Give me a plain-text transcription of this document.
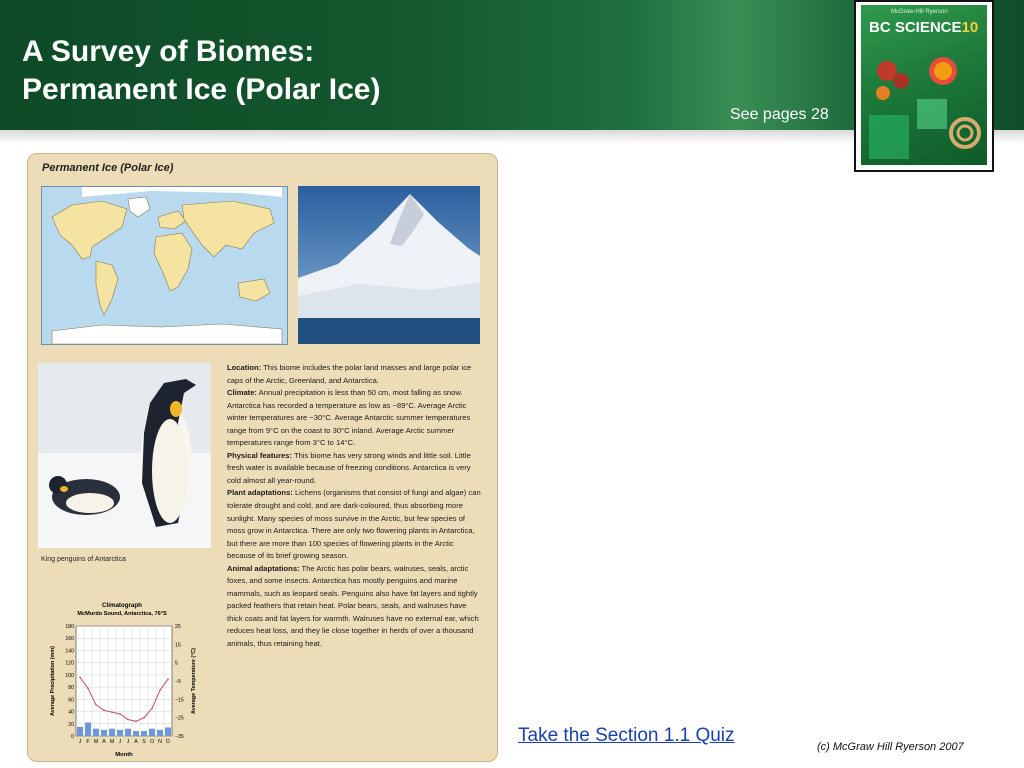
A Survey of Biomes:
Permanent Ice (Polar Ice)
See pages 28
McGraw-Hill Ryerson
BC SCIENCE10
Permanent Ice (Polar Ice)
King penguins of Antarctica
Location: This biome includes the polar land masses and large polar ice caps of the Arctic, Greenland, and Antarctica.
Climate: Annual precipitation is less than 50 cm, most falling as snow. Antarctica has recorded a temperature as low as −89°C. Average Arctic winter temperatures are −30°C. Average Antarctic summer temperatures range from 9°C on the coast to 30°C inland. Average Arctic summer temperatures range from 3°C to 14°C.
Physical features: This biome has very strong winds and little soil. Little fresh water is available because of freezing conditions. Antarctica is very cold almost all year-round.
Plant adaptations: Lichens (organisms that consist of fungi and algae) can tolerate drought and cold, and are dark-coloured, thus absorbing more sunlight. Many species of moss survive in the Arctic, but few species of moss grow in Antarctica. There are only two flowering plants in Antarctica, but there are more than 100 species of flowering plants in the Arctic because of its brief growing season.
Animal adaptations: The Arctic has polar bears, walruses, seals, arctic foxes, and some insects. Antarctica has mostly penguins and marine mammals, such as leopard seals. Penguins also have fat layers and tightly packed feathers that retain heat. Polar bears, seals, and walruses have thick coats and fat layers for warmth. Walruses have no external ear, which reduces heat loss, and they lie close together in herds of over a thousand animals, thus retaining heat.
Climatograph
McMurdo Sound, Antarctica, 76°S
0
20
40
60
80
100
120
140
160
180	25
15
5
−5
−15
−25
−35
J F M A M J J A S O N D
Month
Average Precipitation (mm)	Average Temperature (°C)
Take the Section 1.1 Quiz
(c) McGraw Hill Ryerson 2007
